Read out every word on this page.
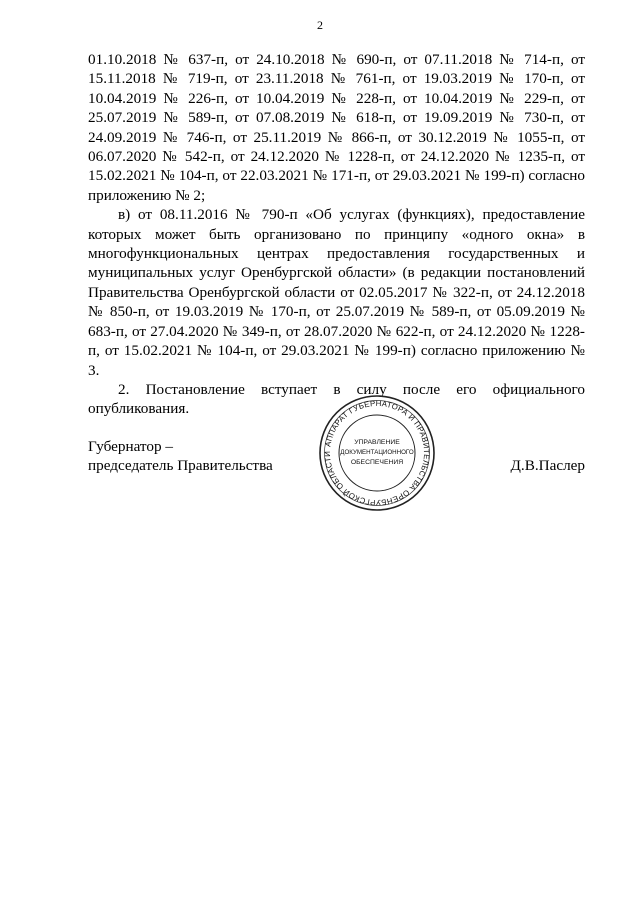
2

01.10.2018 № 637-п, от 24.10.2018 № 690-п, от 07.11.2018 № 714-п, от 15.11.2018 № 719-п, от 23.11.2018 № 761-п, от 19.03.2019 № 170-п, от 10.04.2019 № 226-п, от 10.04.2019 № 228-п, от 10.04.2019 № 229-п, от 25.07.2019 № 589-п, от 07.08.2019 № 618-п, от 19.09.2019 № 730-п, от 24.09.2019 № 746-п, от 25.11.2019 № 866-п, от 30.12.2019 № 1055-п, от 06.07.2020 № 542-п, от 24.12.2020 № 1228-п, от 24.12.2020 № 1235-п, от 15.02.2021 № 104-п, от 22.03.2021 № 171-п, от 29.03.2021 № 199-п) согласно приложению № 2;

в) от 08.11.2016 № 790-п «Об услугах (функциях), предоставление которых может быть организовано по принципу «одного окна» в многофункциональных центрах предоставления государственных и муниципальных услуг Оренбургской области» (в редакции постановлений Правительства Оренбургской области от 02.05.2017 № 322-п, от 24.12.2018 № 850-п, от 19.03.2019 № 170-п, от 25.07.2019 № 589-п, от 05.09.2019 № 683-п, от 27.04.2020 № 349-п, от 28.07.2020 № 622-п, от 24.12.2020 № 1228-п, от 15.02.2021 № 104-п, от 29.03.2021 № 199-п) согласно приложению № 3.

2. Постановление вступает в силу после его официального опубликования.

АППАРАТ ГУБЕРНАТОРА И ПРАВИТЕЛЬСТВА ОРЕНБУРГСКОЙ ОБЛАСТИ
УПРАВЛЕНИЕ
ДОКУМЕНТАЦИОННОГО
ОБЕСПЕЧЕНИЯ
Губернатор –
председатель Правительства	Д.В.Паслер
